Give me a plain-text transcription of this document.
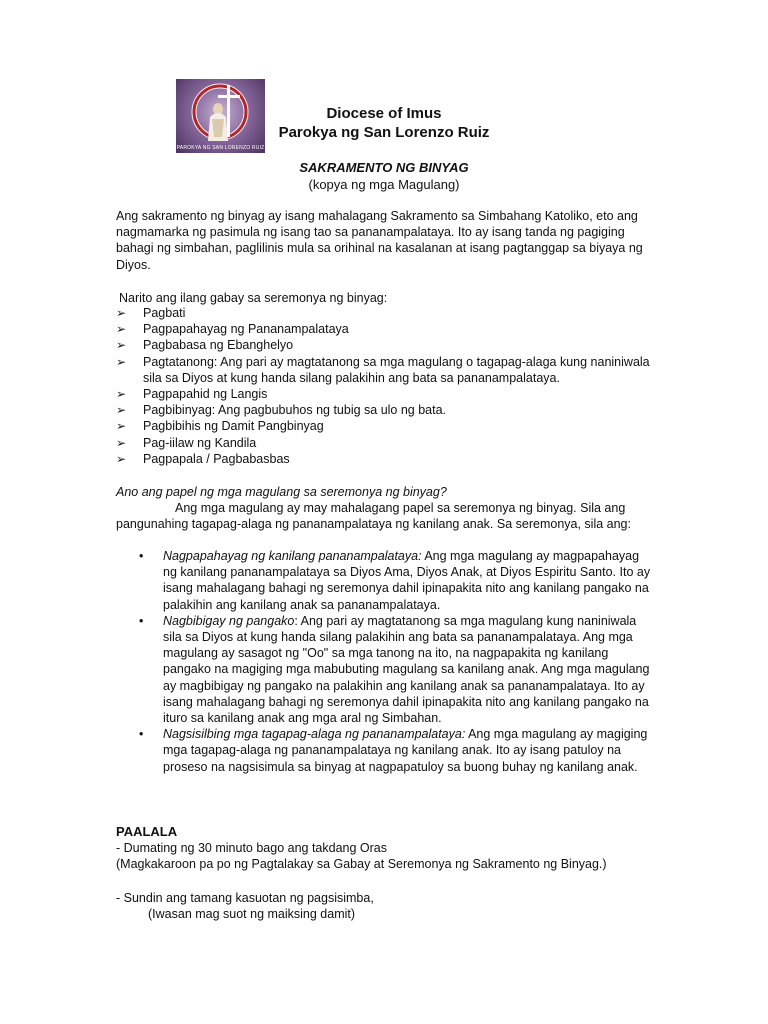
PAROKYA NG SAN LORENZO RUIZ
Diocese of Imus
Parokya ng San Lorenzo Ruiz
SAKRAMENTO NG BINYAG
(kopya ng mga Magulang)
Ang sakramento ng binyag ay isang mahalagang Sakramento sa Simbahang Katoliko, eto ang nagmamarka ng pasimula ng isang tao sa pananampalataya. Ito ay isang tanda ng pagiging bahagi ng simbahan, paglilinis mula sa orihinal na kasalanan at isang pagtanggap sa biyaya ng Diyos.
Narito ang ilang gabay sa seremonya ng binyag:
➢ Pagbati
➢ Pagpapahayag ng Pananampalataya
➢ Pagbabasa ng Ebanghelyo
➢ Pagtatanong: Ang pari ay magtatanong sa mga magulang o tagapag-alaga kung naniniwala sila sa Diyos at kung handa silang palakihin ang bata sa pananampalataya.
➢ Pagpapahid ng Langis
➢ Pagbibinyag: Ang pagbubuhos ng tubig sa ulo ng bata.
➢ Pagbibihis ng Damit Pangbinyag
➢ Pag-iilaw ng Kandila
➢ Pagpapala / Pagbabasbas
Ano ang papel ng mga magulang sa seremonya ng binyag?
Ang mga magulang ay may mahalagang papel sa seremonya ng binyag. Sila ang pangunahing tagapag-alaga ng pananampalataya ng kanilang anak. Sa seremonya, sila ang:
• Nagpapahayag ng kanilang pananampalataya: Ang mga magulang ay magpapahayag ng kanilang pananampalataya sa Diyos Ama, Diyos Anak, at Diyos Espiritu Santo. Ito ay isang mahalagang bahagi ng seremonya dahil ipinapakita nito ang kanilang pangako na palakihin ang kanilang anak sa pananampalataya.
• Nagbibigay ng pangako: Ang pari ay magtatanong sa mga magulang kung naniniwala sila sa Diyos at kung handa silang palakihin ang bata sa pananampalataya. Ang mga magulang ay sasagot ng "Oo" sa mga tanong na ito, na nagpapakita ng kanilang pangako na magiging mga mabubuting magulang sa kanilang anak. Ang mga magulang ay magbibigay ng pangako na palakihin ang kanilang anak sa pananampalataya. Ito ay isang mahalagang bahagi ng seremonya dahil ipinapakita nito ang kanilang pangako na ituro sa kanilang anak ang mga aral ng Simbahan.
• Nagsisilbing mga tagapag-alaga ng pananampalataya: Ang mga magulang ay magiging mga tagapag-alaga ng pananampalataya ng kanilang anak. Ito ay isang patuloy na proseso na nagsisimula sa binyag at nagpapatuloy sa buong buhay ng kanilang anak.
PAALALA
- Dumating ng 30 minuto bago ang takdang Oras
(Magkakaroon pa po ng Pagtalakay sa Gabay at Seremonya ng Sakramento ng Binyag.)
- Sundin ang tamang kasuotan ng pagsisimba,
(Iwasan mag suot ng maiksing damit)
